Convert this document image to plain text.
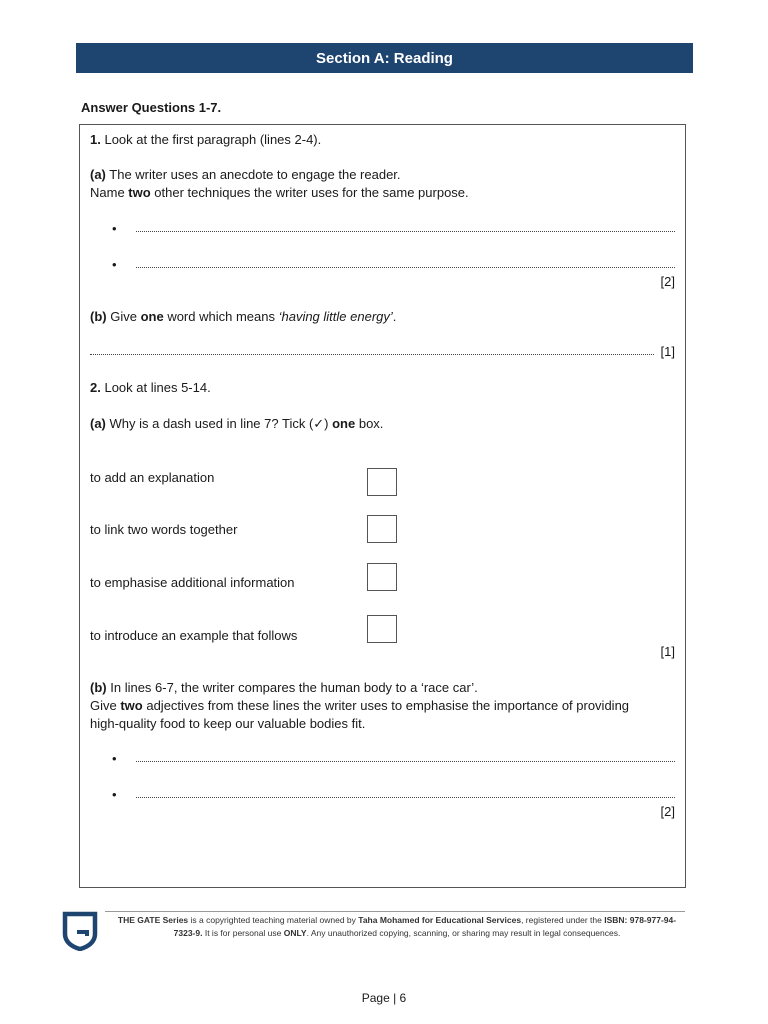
Section A: Reading
Answer Questions 1-7.
1. Look at the first paragraph (lines 2-4).
(a) The writer uses an anecdote to engage the reader.
Name two other techniques the writer uses for the same purpose.
•
•
[2]
(b) Give one word which means ‘having little energy’.
[1]
2. Look at lines 5-14.
(a) Why is a dash used in line 7? Tick (✓) one box.
to add an explanation
to link two words together
to emphasise additional information
to introduce an example that follows
[1]
(b) In lines 6-7, the writer compares the human body to a ‘race car’.
Give two adjectives from these lines the writer uses to emphasise the importance of providing
high-quality food to keep our valuable bodies fit.
•
•
[2]
THE GATE Series is a copyrighted teaching material owned by Taha Mohamed for Educational Services, registered under the ISBN: 978-977-94-7323-9. It is for personal use ONLY. Any unauthorized copying, scanning, or sharing may result in legal consequences.
Page | 6
